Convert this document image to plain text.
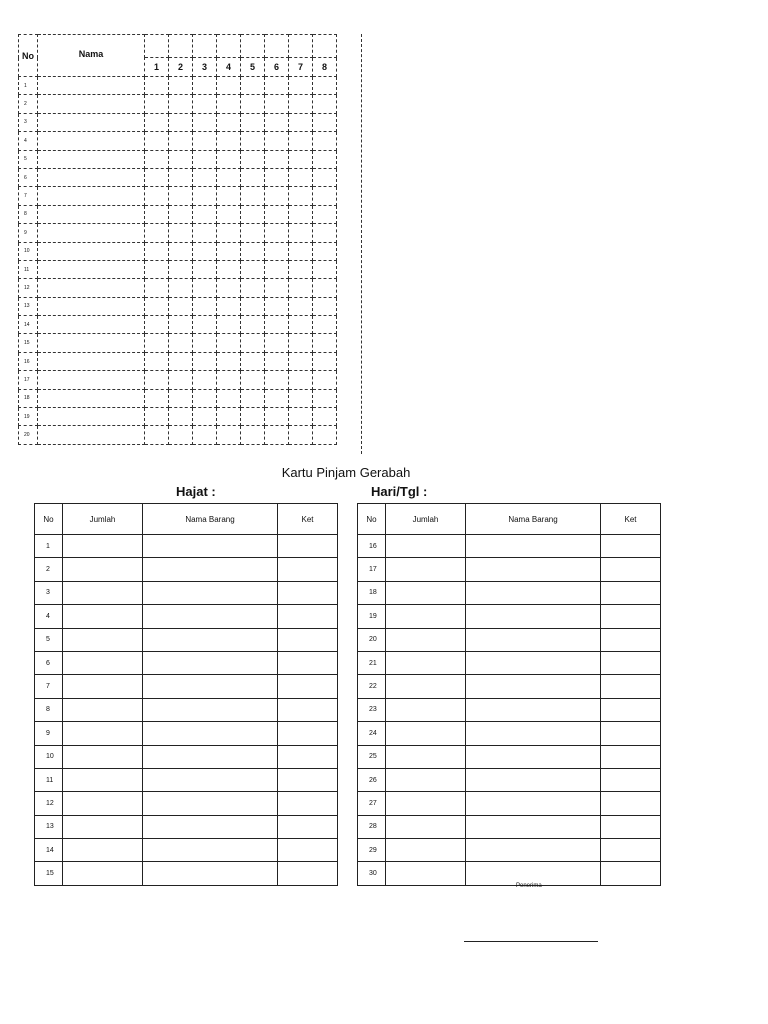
No	Nama								
		1	2	3	4	5	6	7	8
1									
2									
3									
4									
5									
6									
7									
8									
9									
10									
11									
12									
13									
14									
15									
16									
17									
18									
19									
20									
Kartu Pinjam Gerabah
Hajat :	Hari/Tgl :
No	Jumlah	Nama Barang	Ket
1			
2			
3			
4			
5			
6			
7			
8			
9			
10			
11			
12			
13			
14			
15			
No	Jumlah	Nama Barang	Ket
16			
17			
18			
19			
20			
21			
22			
23			
24			
25			
26			
27			
28			
29			
30			
Penerima
